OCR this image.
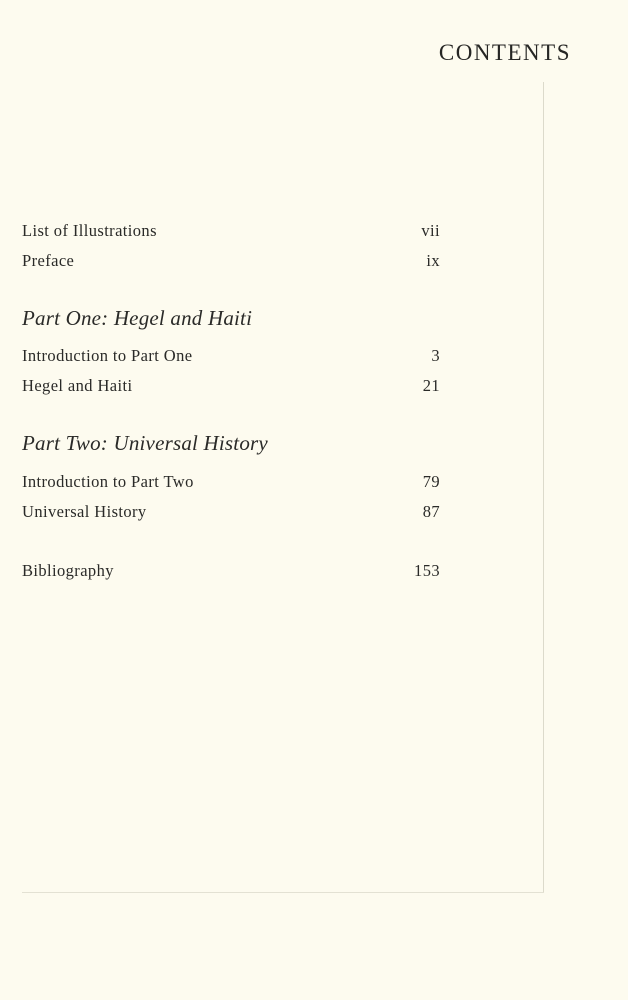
CONTENTS
List of Illustrations	vii
Preface	ix
Part One: Hegel and Haiti
Introduction to Part One	3
Hegel and Haiti	21
Part Two: Universal History
Introduction to Part Two	79
Universal History	87
Bibliography	153
